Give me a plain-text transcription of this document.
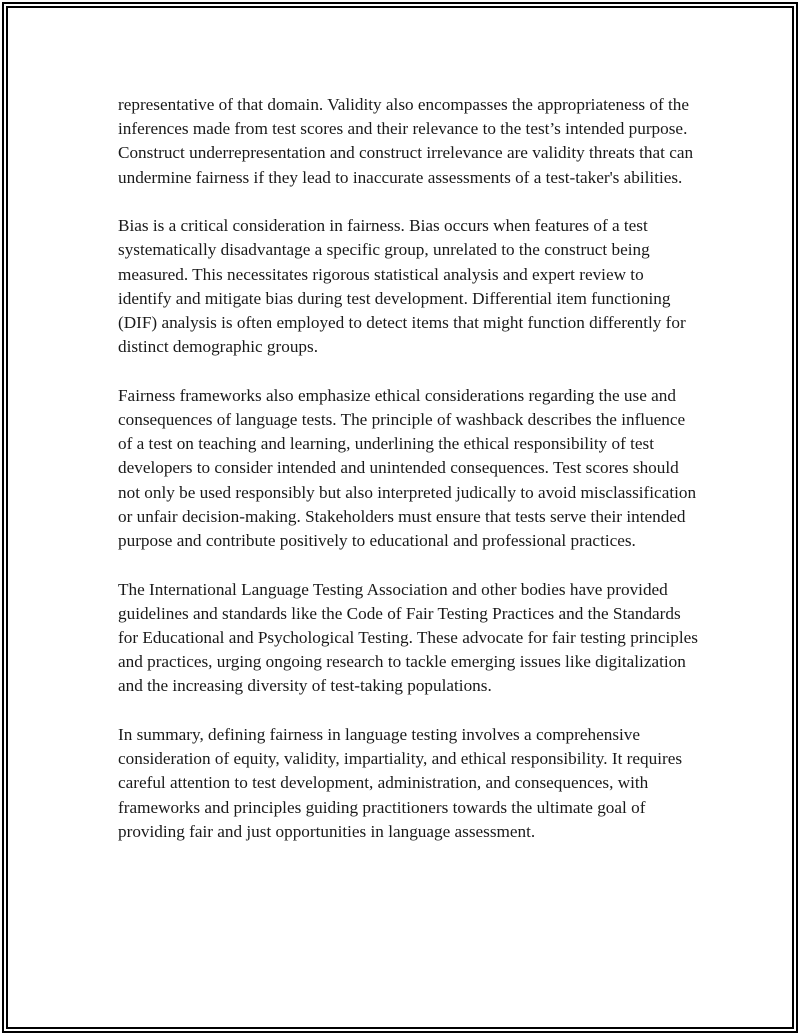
representative of that domain. Validity also encompasses the appropriateness of the inferences made from test scores and their relevance to the test’s intended purpose. Construct underrepresentation and construct irrelevance are validity threats that can undermine fairness if they lead to inaccurate assessments of a test-taker's abilities.

Bias is a critical consideration in fairness. Bias occurs when features of a test systematically disadvantage a specific group, unrelated to the construct being measured. This necessitates rigorous statistical analysis and expert review to identify and mitigate bias during test development. Differential item functioning (DIF) analysis is often employed to detect items that might function differently for distinct demographic groups.

Fairness frameworks also emphasize ethical considerations regarding the use and consequences of language tests. The principle of washback describes the influence of a test on teaching and learning, underlining the ethical responsibility of test developers to consider intended and unintended consequences. Test scores should not only be used responsibly but also interpreted judically to avoid misclassification or unfair decision-making. Stakeholders must ensure that tests serve their intended purpose and contribute positively to educational and professional practices.

The International Language Testing Association and other bodies have provided guidelines and standards like the Code of Fair Testing Practices and the Standards for Educational and Psychological Testing. These advocate for fair testing principles and practices, urging ongoing research to tackle emerging issues like digitalization and the increasing diversity of test-taking populations.

In summary, defining fairness in language testing involves a comprehensive consideration of equity, validity, impartiality, and ethical responsibility. It requires careful attention to test development, administration, and consequences, with frameworks and principles guiding practitioners towards the ultimate goal of providing fair and just opportunities in language assessment.
